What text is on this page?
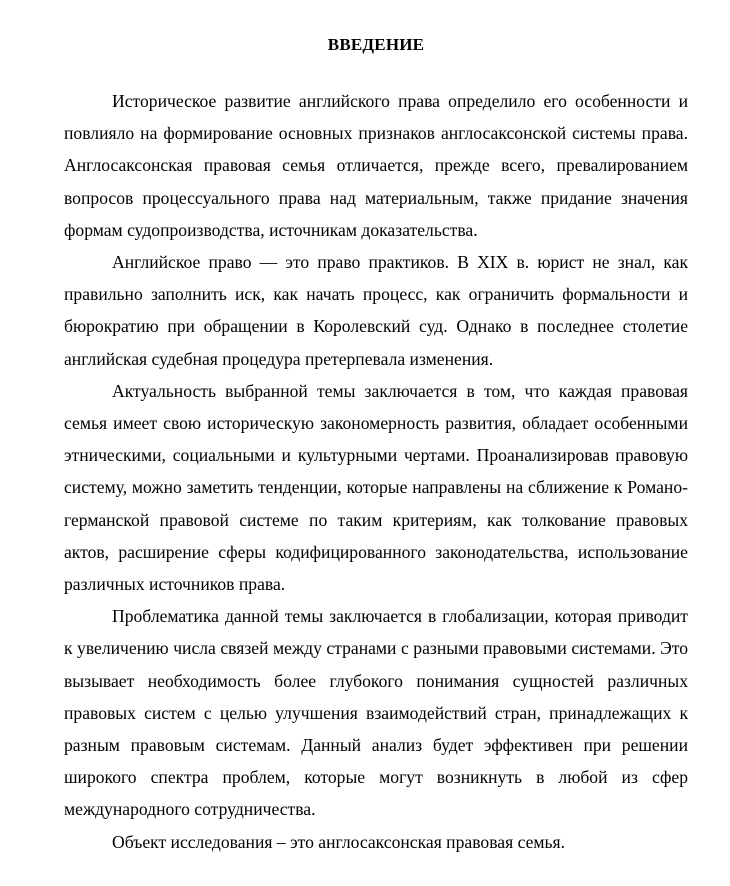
ВВЕДЕНИЕ

Историческое развитие английского права определило его особенности и повлияло на формирование основных признаков англосаксонской системы права. Англосаксонская правовая семья отличается, прежде всего, превалированием вопросов процессуального права над материальным, также придание значения формам судопроизводства, источникам доказательства.

Английское право — это право практиков. В XIX в. юрист не знал, как правильно заполнить иск, как начать процесс, как ограничить формальности и бюрократию при обращении в Королевский суд. Однако в последнее столетие английская судебная процедура претерпевала изменения.

Актуальность выбранной темы заключается в том, что каждая правовая семья имеет свою историческую закономерность развития, обладает особенными этническими, социальными и культурными чертами. Проанализировав правовую систему, можно заметить тенденции, которые направлены на сближение к Романо-германской правовой системе по таким критериям, как толкование правовых актов, расширение сферы кодифицированного законодательства, использование различных источников права.

Проблематика данной темы заключается в глобализации, которая приводит к увеличению числа связей между странами с разными правовыми системами. Это вызывает необходимость более глубокого понимания сущностей различных правовых систем с целью улучшения взаимодействий стран, принадлежащих к разным правовым системам. Данный анализ будет эффективен при решении широкого спектра проблем, которые могут возникнуть в любой из сфер международного сотрудничества.

Объект исследования – это англосаксонская правовая семья.
